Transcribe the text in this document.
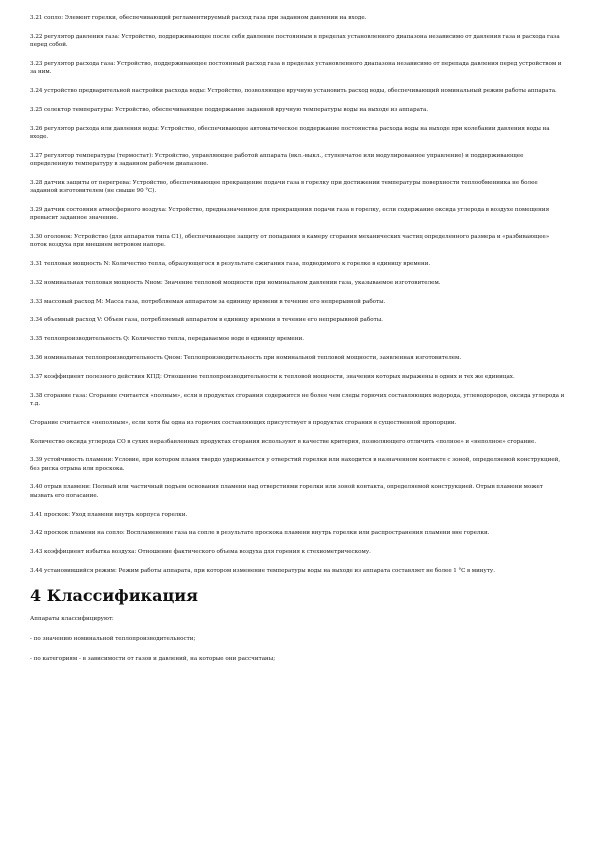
3.21 сопло: Элемент горелки, обеспечивающий регламентируемый расход газа при заданном давлении на входе.

3.22 регулятор давления газа: Устройство, поддерживающее после себя давление постоянным в пределах установленного диапазона независимо от давления газа и расхода газа перед собой.

3.23 регулятор расхода газа: Устройство, поддерживающее постоянный расход газа в пределах установленного диапазона независимо от перепада давления перед устройством и за ним.

3.24 устройство предварительной настройки расхода воды: Устройство, позволяющее вручную установить расход воды, обеспечивающий номинальный режим работы аппарата.

3.25 селектор температуры: Устройство, обеспечивающее поддержание заданной вручную температуры воды на выходе из аппарата.

3.26 регулятор расхода или давления воды: Устройство, обеспечивающее автоматическое поддержание постоянства расхода воды на выходе при колебании давления воды на входе.

3.27 регулятор температуры (термостат): Устройство, управляющее работой аппарата (вкл.-выкл., ступенчатое или модулированное управление) и поддерживающее определенную температуру в заданном рабочем диапазоне.

3.28 датчик защиты от перегрева: Устройство, обеспечивающее прекращение подачи газа в горелку при достижении температуры поверхности теплообменника не более заданной изготовителем (не свыше 90 °С).

3.29 датчик состояния атмосферного воздуха: Устройство, предназначенное для прекращения подачи газа в горелку, если содержание оксида углерода в воздухе помещения превысит заданное значение.

3.30 оголовок: Устройство (для аппаратов типа С1), обеспечивающее защиту от попадания в камеру сгорания механических частиц определенного размера и «разбивающее» поток воздуха при внешнем ветровом напоре.

3.31 тепловая мощность N: Количество тепла, образующегося в результате сжигания газа, подводимого к горелке в единицу времени.

3.32 номинальная тепловая мощность Nном: Значение тепловой мощности при номинальном давлении газа, указываемое изготовителем.

3.33 массовый расход М: Масса газа, потребляемая аппаратом за единицу времени в течение его непрерывной работы.

3.34 объемный расход V: Объем газа, потребляемый аппаратом в единицу времени в течение его непрерывной работы.

3.35 теплопроизводительность Q: Количество тепла, передаваемое воде в единицу времени.

3.36 номинальная теплопроизводительность Qном: Теплопроизводительность при номинальной тепловой мощности, заявленная изготовителем.

3.37 коэффициент полезного действия КПД: Отношение теплопроизводительности к тепловой мощности, значения которых выражены в одних и тех же единицах.

3.38 сгорание газа: Сгорание считается «полным», если в продуктах сгорания содержится не более чем следы горючих составляющих водорода, углеводородов, оксида углерода и т.д.

Сгорание считается «неполным», если хотя бы одна из горючих составляющих присутствует в продуктах сгорания в существенной пропорции.

Количество оксида углерода СО в сухих неразбавленных продуктах сгорания используют в качестве критерия, позволяющего отличить «полное» и «неполное» сгорание.

3.39 устойчивость пламени: Условие, при котором пламя твердо удерживается у отверстий горелки или находится в назначенном контакте с зоной, определяемой конструкцией, без риска отрыва или проскока.

3.40 отрыв пламени: Полный или частичный подъем основания пламени над отверстиями горелки или зоной контакта, определяемой конструкцией. Отрыв пламени может вызвать его погасание.

3.41 проскок: Уход пламени внутрь корпуса горелки.

3.42 проскок пламени на сопло: Воспламенение газа на сопле в результате проскока пламени внутрь горелки или распространения пламени вне горелки.

3.43 коэффициент избытка воздуха: Отношение фактического объема воздуха для горения к стехиометрическому.

3.44 установившийся режим: Режим работы аппарата, при котором изменение температуры воды на выходе из аппарата составляет не более 1 °С в минуту.

4 Классификация

Аппараты классифицируют:

- по значению номинальной теплопроизводительности;

- по категориям - в зависимости от газов и давлений, на которые они рассчитаны;
